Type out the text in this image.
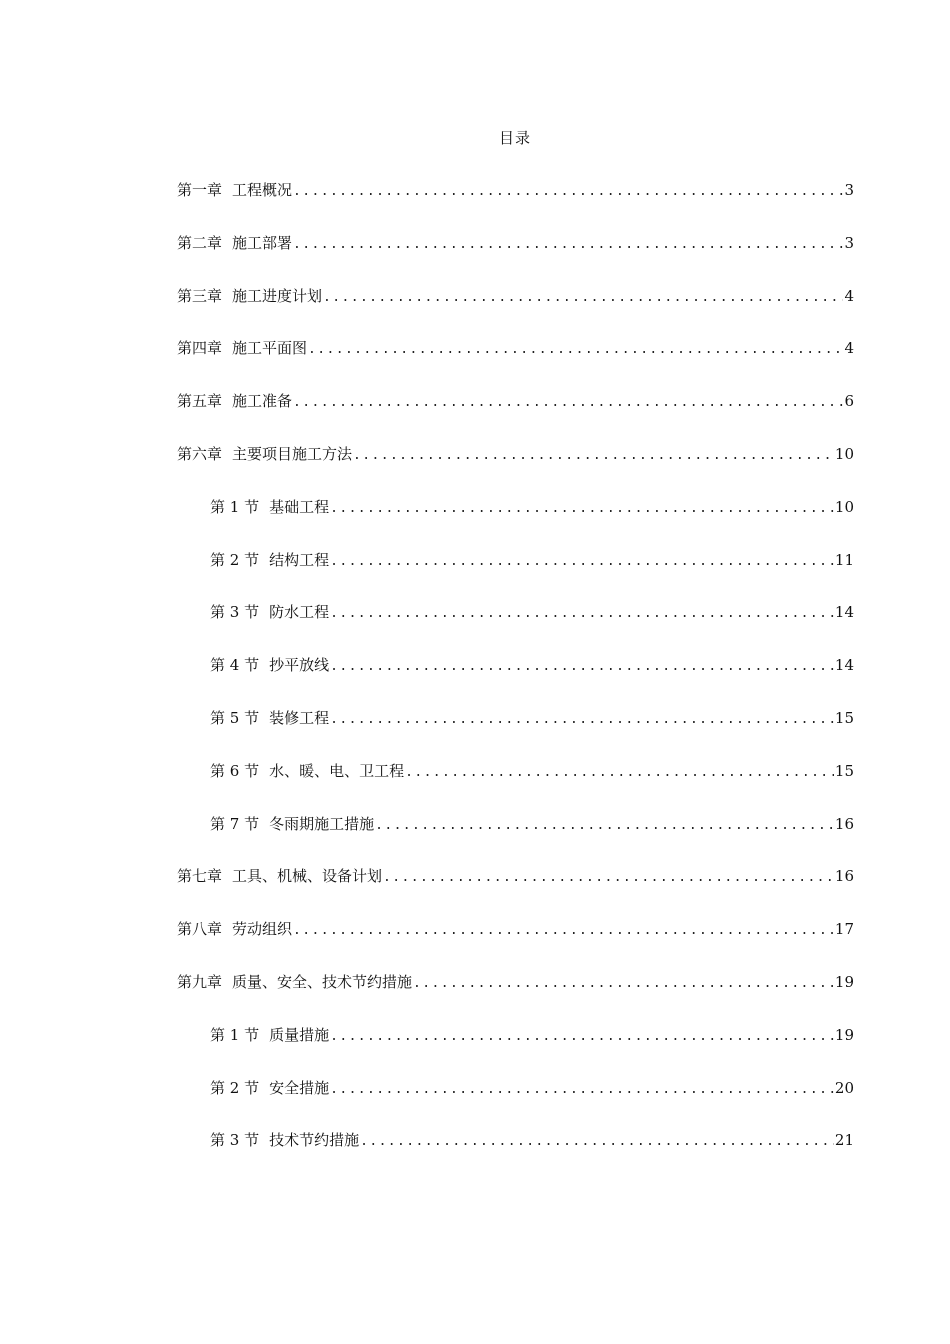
目录
第一章 工程概况 .....	3
第二章 施工部署 .....	3
第三章 施工进度计划 .....	4
第四章 施工平面图 .....	4
第五章 施工准备 .....	6
第六章 主要项目施工方法 .....	10
第 1 节 基础工程 .....	10
第 2 节 结构工程 .....	11
第 3 节 防水工程 .....	14
第 4 节 抄平放线 .....	14
第 5 节 装修工程 .....	15
第 6 节 水、暖、电、卫工程 .....	15
第 7 节 冬雨期施工措施 .....	16
第七章 工具、机械、设备计划 .....	16
第八章 劳动组织 .....	17
第九章 质量、安全、技术节约措施 .....	19
第 1 节 质量措施 .....	19
第 2 节 安全措施 .....	20
第 3 节 技术节约措施 .....	21
